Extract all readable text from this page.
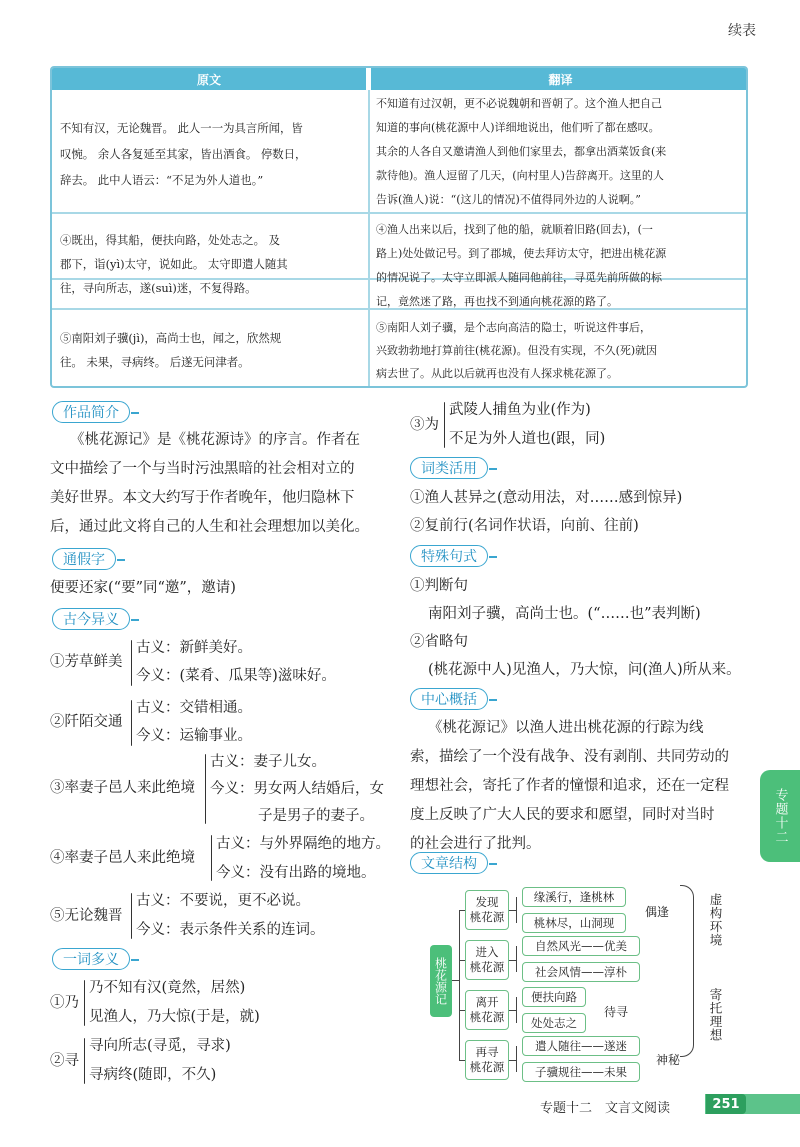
续表
原文	翻译
不知有汉，无论魏晋。 此人一一为具言所闻，皆
叹惋。 余人各复延至其家，皆出酒食。 停数日，
辞去。 此中人语云：“不足为外人道也。”
不知道有过汉朝，更不必说魏朝和晋朝了。这个渔人把自己
知道的事向(桃花源中人)详细地说出，他们听了都在感叹。
其余的人各自又邀请渔人到他们家里去，都拿出酒菜饭食(来
款待他)。渔人逗留了几天，(向村里人)告辞离开。这里的人
告诉(渔人)说：“(这儿的情况)不值得同外边的人说啊。”
④既出，得其船，便扶向路，处处志之。 及
郡下，诣(yì)太守，说如此。 太守即遣人随其
往，寻向所志，遂(suì)迷，不复得路。
④渔人出来以后，找到了他的船，就顺着旧路(回去)，(一
路上)处处做记号。到了郡城，使去拜访太守，把进出桃花源
的情况说了。太守立即派人随同他前往，寻觅先前所做的标
记，竟然迷了路，再也找不到通向桃花源的路了。
⑤南阳刘子骥(jì)，高尚士也，闻之，欣然规
往。 未果，寻病终。 后遂无问津者。
⑤南阳人刘子骥，是个志向高洁的隐士，听说这件事后，
兴致勃勃地打算前往(桃花源)。但没有实现，不久(死)就因
病去世了。从此以后就再也没有人探求桃花源了。
作品简介
《桃花源记》是《桃花源诗》的序言。作者在
文中描绘了一个与当时污浊黑暗的社会相对立的
美好世界。本文大约写于作者晚年，他归隐林下
后，通过此文将自己的人生和社会理想加以美化。
通假字
便要还家(“要”同“邀”，邀请)
古今异义
①芳草鲜美
古义：新鲜美好。
今义：(菜肴、瓜果等)滋味好。
②阡陌交通
古义：交错相通。
今义：运输事业。
③率妻子邑人来此绝境
古义：妻子儿女。
今义：男女两人结婚后，女
子是男子的妻子。
④率妻子邑人来此绝境
古义：与外界隔绝的地方。
今义：没有出路的境地。
⑤无论魏晋
古义：不要说，更不必说。
今义：表示条件关系的连词。
一词多义
①乃
乃不知有汉(竟然，居然)
见渔人，乃大惊(于是，就)
②寻
寻向所志(寻觅，寻求)
寻病终(随即，不久)
③为
武陵人捕鱼为业(作为)
不足为外人道也(跟，同)
词类活用
①渔人甚异之(意动用法，对……感到惊异)
②复前行(名词作状语，向前、往前)
特殊句式
①判断句
南阳刘子骥，高尚士也。(“……也”表判断)
②省略句
(桃花源中人)见渔人，乃大惊，问(渔人)所从来。
中心概括
《桃花源记》以渔人进出桃花源的行踪为线
索，描绘了一个没有战争、没有剥削、共同劳动的
理想社会，寄托了作者的憧憬和追求，还在一定程
度上反映了广大人民的要求和愿望，同时对当时
的社会进行了批判。
文章结构
桃花源记
发现
桃花源
缘溪行，逢桃林
桃林尽，山洞现
偶逢
进入
桃花源
自然风光——优美
社会风情——淳朴
离开
桃花源
便扶向路
处处志之
待寻
再寻
桃花源
遣人随往——遂迷
子骥规往——未果
神秘
虚构环境
寄托理想
专题十二
专题十二　文言文阅读	251
